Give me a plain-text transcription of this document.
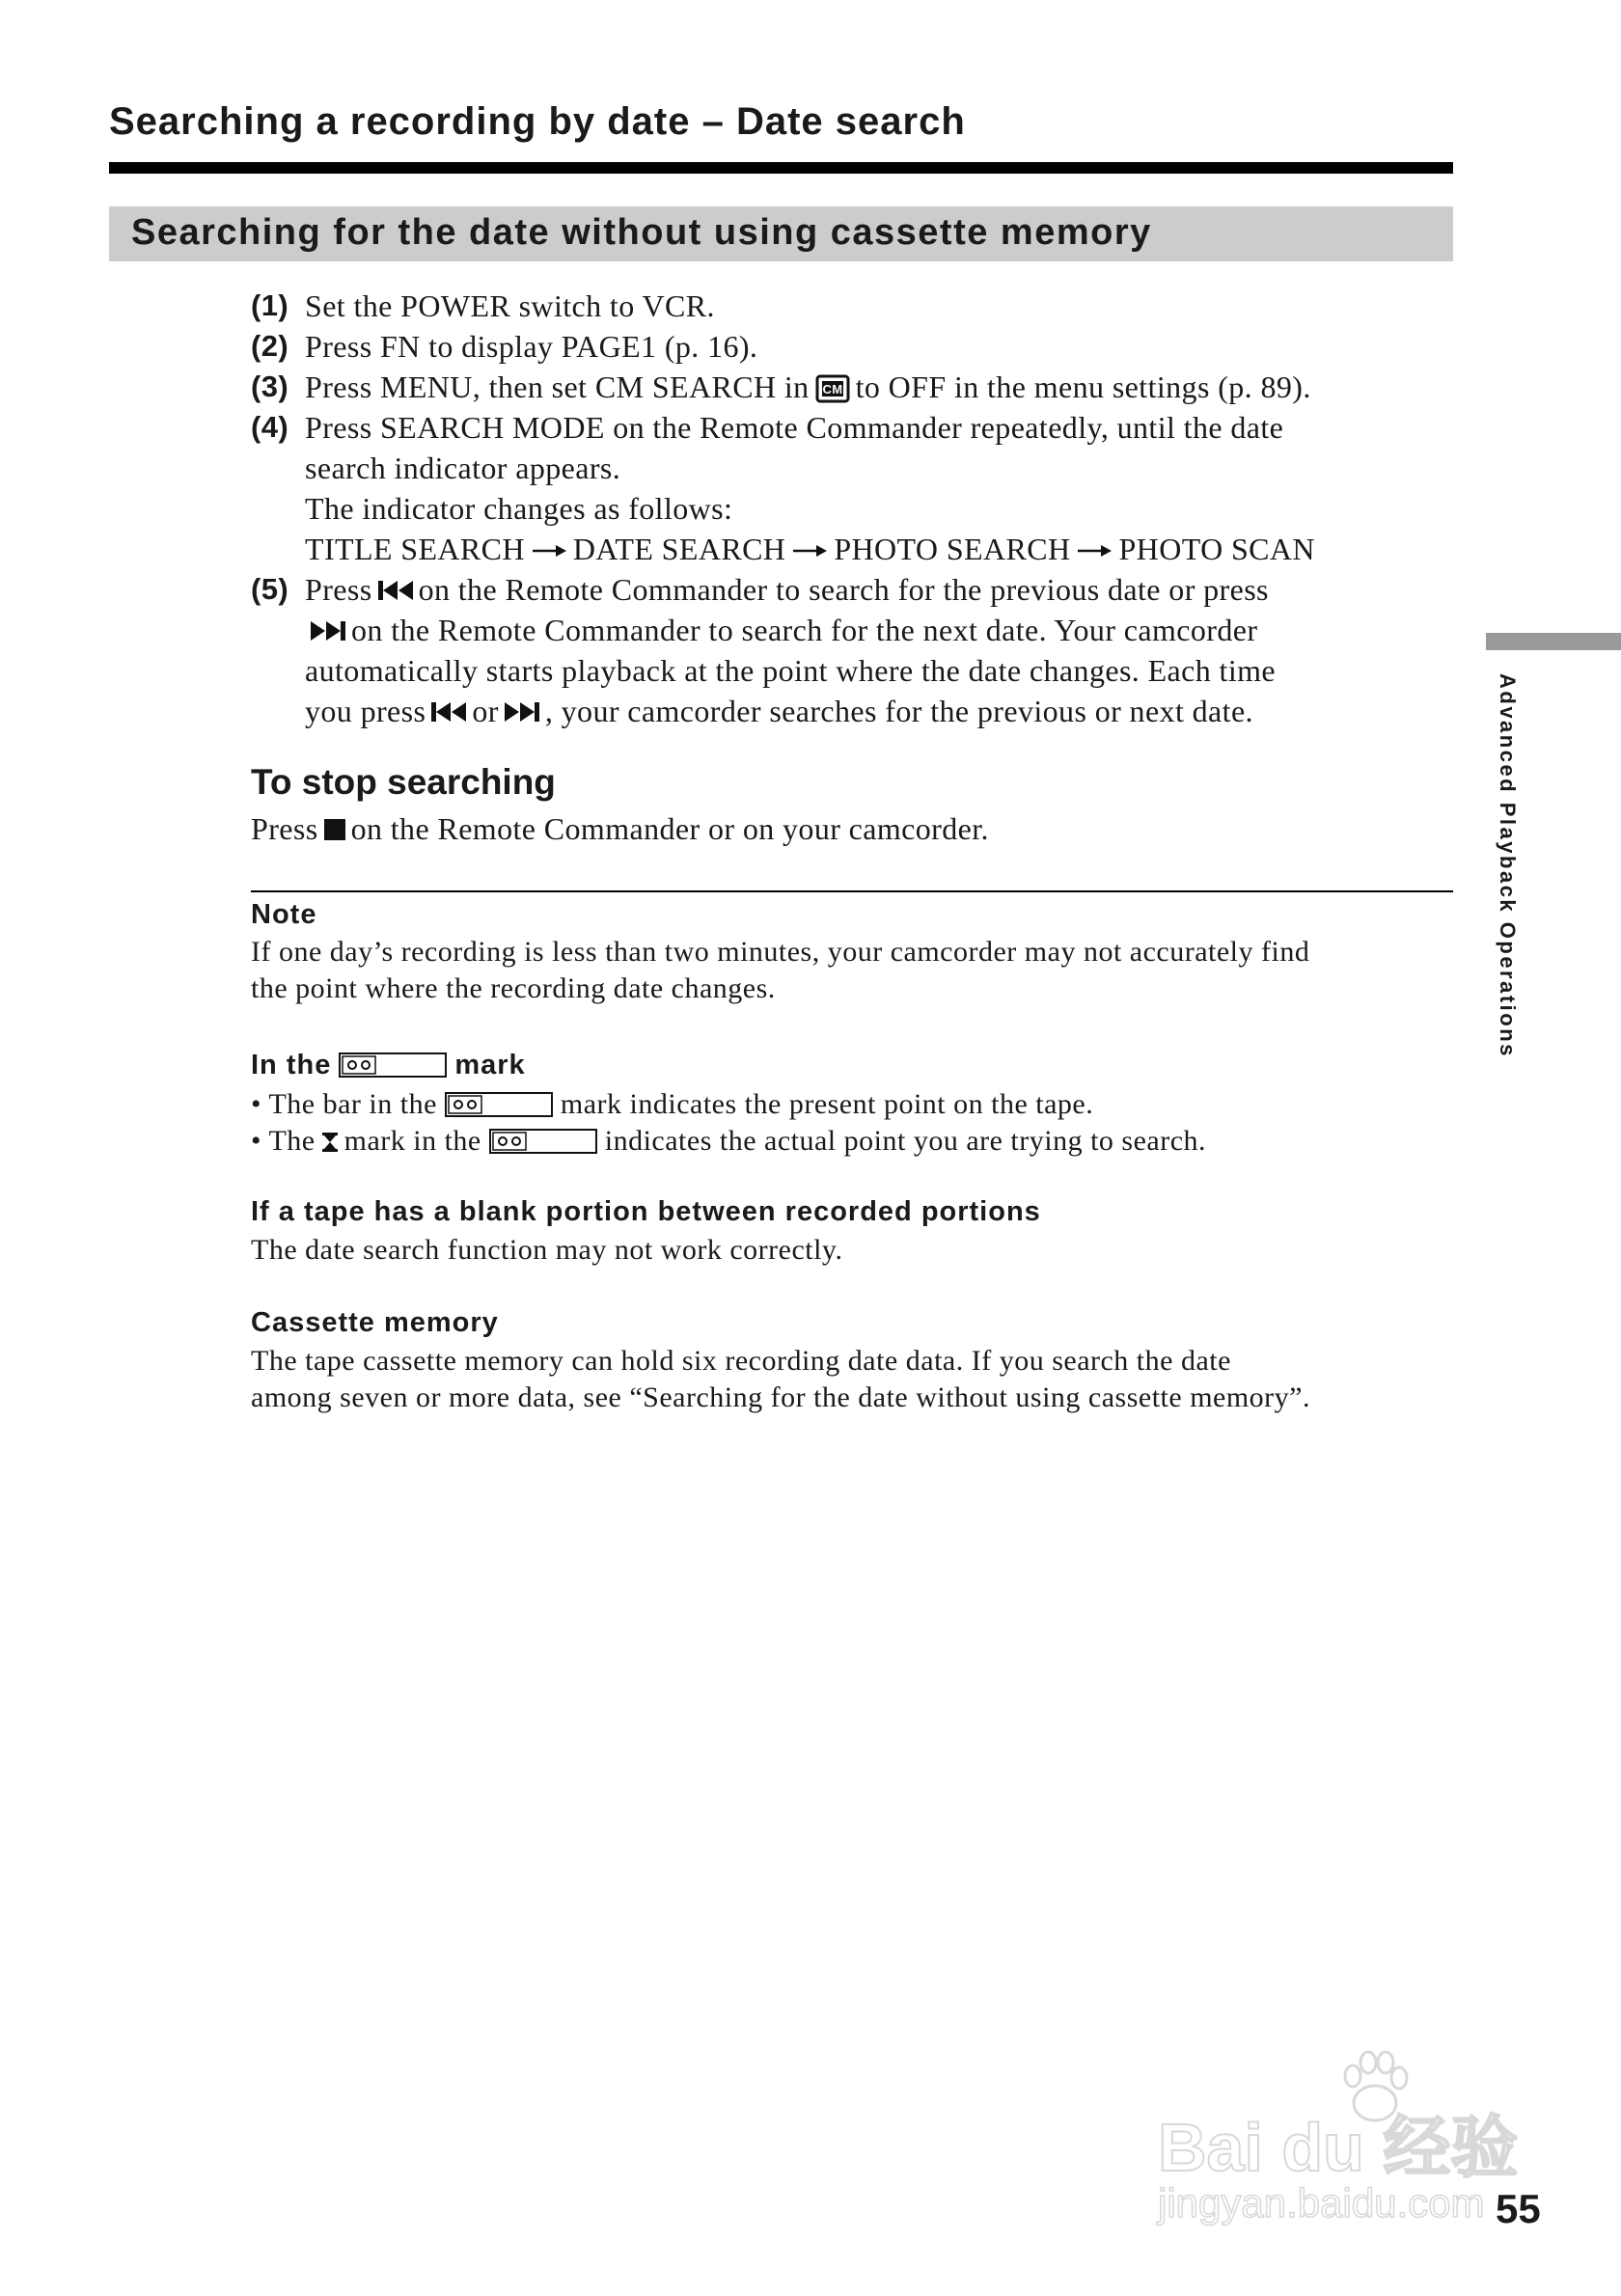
Searching a recording by date – Date search
Searching for the date without using cassette memory
(1) Set the POWER switch to VCR.
(2) Press FN to display PAGE1 (p. 16).
(3) Press MENU, then set CM SEARCH in CM to OFF in the menu settings (p. 89).
(4) Press SEARCH MODE on the Remote Commander repeatedly, until the date
search indicator appears.
The indicator changes as follows:
TITLE SEARCH DATE SEARCH PHOTO SEARCH PHOTO SCAN
(5) Press on the Remote Commander to search for the previous date or press
on the Remote Commander to search for the next date. Your camcorder
automatically starts playback at the point where the date changes. Each time
you press or , your camcorder searches for the previous or next date.
To stop searching
Press on the Remote Commander or on your camcorder.
Note
If one day’s recording is less than two minutes, your camcorder may not accurately find
the point where the recording date changes.
In the	mark
• The bar in the	mark indicates the present point on the tape.
• The mark in the	indicates the actual point you are trying to search.
If a tape has a blank portion between recorded portions
The date search function may not work correctly.
Cassette memory
The tape cassette memory can hold six recording date data. If you search the date
among seven or more data, see “Searching for the date without using cassette memory”.
Advanced Playback Operations
Bai du 经验
jingyan.baidu.com 55
